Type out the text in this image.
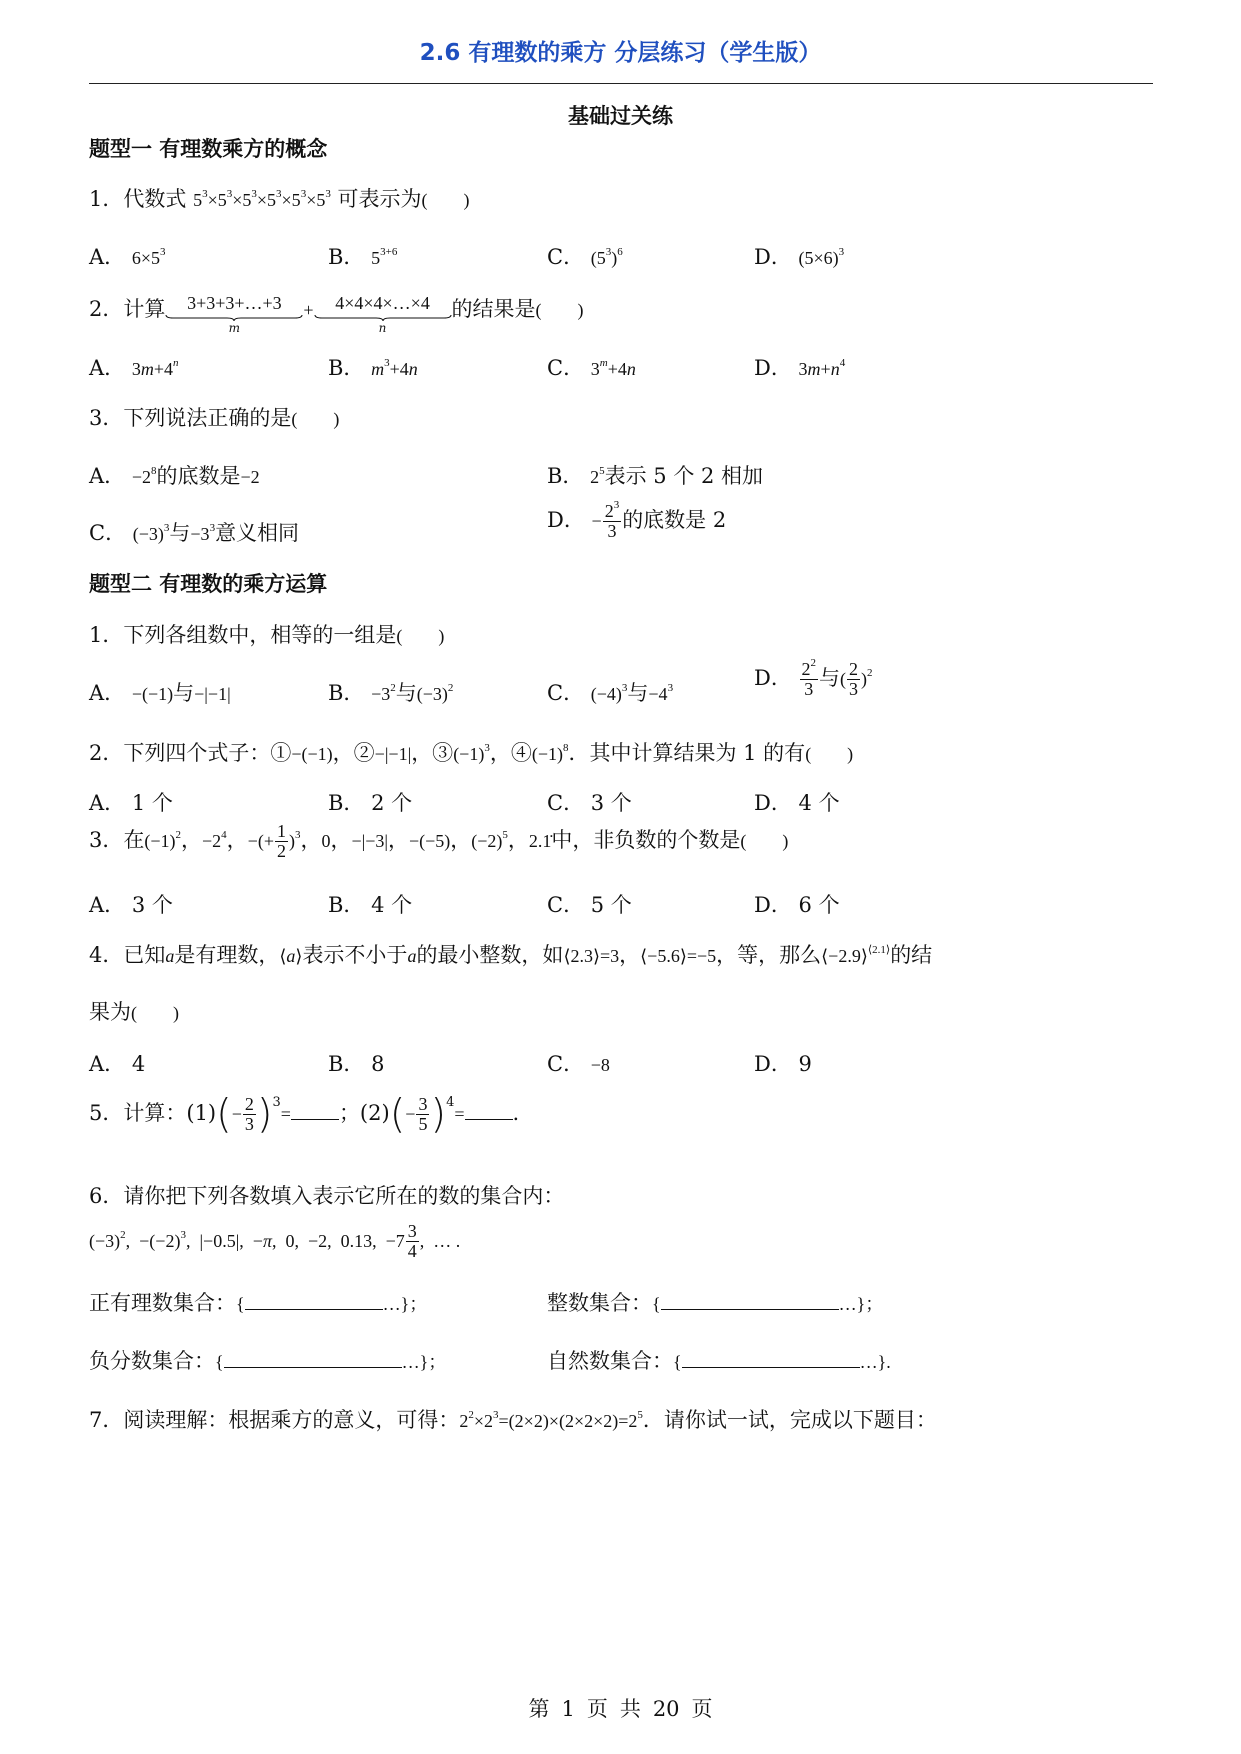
2.6 有理数的乘方 分层练习（学生版）
基础过关练
题型一 有理数乘方的概念
1．代数式 $5^3\times 5^3\times 5^3\times 5^3\times 5^3\times 5^3$ 可表示为(        )
A． $6\times 5^3$	B． $5^{3+6}$	C． $(5^3)^6$	D． $(5\times 6)^3$
2．计算	3+3+3+…+3
m
+	4×4×4×…×4
n
的结果是(        )
A． $3m+4^n$	B． $m^3+4n$	C． $3^m+4n$	D． $3m+n^4$
3．下列说法正确的是(        )
A． $-2^8$的底数是−2	B． $2^5$表示 5 个 2 相加
C． $(-3)^3$与$-3^3$意义相同
D． − $\frac{2^3}{3}$ 的底数是 2
题型二 有理数的乘方运算
1．下列各组数中，相等的一组是(        )
A． −(−1)与−|−1|	B． $-3^2$与$(-3)^2$	C． $(-4)^3$与$-4^3$	D． $\frac{2^2}{3}$ 与( $\frac{2}{3} )^2$
2．下列四个式子：①−(−1)，②−|−1|，$③(-1)^3$，$④(-1)^8$．其中计算结果为 1 的有(        )
A． 1 个	B． 2 个	C． 3 个	D． 4 个
3．在$(-1)^2$，$-2^4$，−(+ $\frac{1}{2} )^3$，0，−|−3|，−(−5)，$(-2)^5$，2.1̇中，非负数的个数是(        )
A． 3 个	B． 4 个	C． 5 个	D． 6 个
4．已知a是有理数，⟨a⟩表示不小于a的最小整数，如⟨2.3⟩=3，⟨−5.6⟩=−5，等，那么⟨−2.9⟩$^{⟨2.1⟩}$的结
果为(        )
A． 4	B． 8	C． −8	D． 9
5．计算：$(1)(- \frac{2}{3} )^3=$ ；$(2)(- \frac{3}{5} )^4=$ .
6．请你把下列各数填入表示它所在的数的集合内：
$(-3)^2$,  $-(-2)^3$,  |−0.5|,  −π,  0,  −2,  0.13,  $-7 \frac{3}{4}$ ,  … .
正有理数集合：{	…}；	整数集合：{	…}；
负分数集合：{	…}；	自然数集合：{	…}.
7．阅读理解：根据乘方的意义，可得：$2^2\times 2^3=(2\times 2)\times(2\times 2\times 2)=2^5$．请你试一试，完成以下题目：
第 1 页 共 20 页
